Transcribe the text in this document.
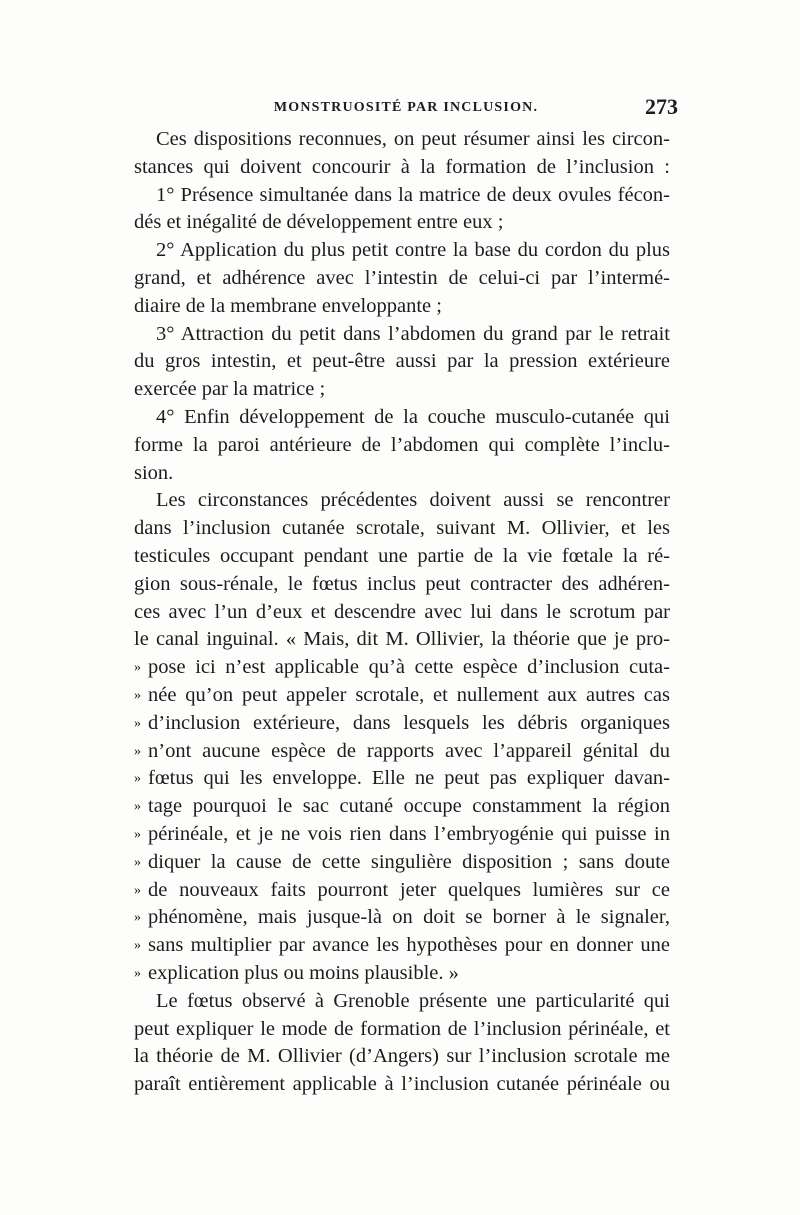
MONSTRUOSITÉ PAR INCLUSION.	273
Ces dispositions reconnues, on peut résumer ainsi les circon-
stances qui doivent concourir à la formation de l’inclusion :
1° Présence simultanée dans la matrice de deux ovules fécon-
dés et inégalité de développement entre eux ;
2° Application du plus petit contre la base du cordon du plus
grand, et adhérence avec l’intestin de celui-ci par l’intermé-
diaire de la membrane enveloppante ;
3° Attraction du petit dans l’abdomen du grand par le retrait
du gros intestin, et peut-être aussi par la pression extérieure
exercée par la matrice ;
4° Enfin développement de la couche musculo-cutanée qui
forme la paroi antérieure de l’abdomen qui complète l’inclu-
sion.
Les circonstances précédentes doivent aussi se rencontrer
dans l’inclusion cutanée scrotale, suivant M. Ollivier, et les
testicules occupant pendant une partie de la vie fœtale la ré-
gion sous-rénale, le fœtus inclus peut contracter des adhéren-
ces avec l’un d’eux et descendre avec lui dans le scrotum par
le canal inguinal. « Mais, dit M. Ollivier, la théorie que je pro-
» pose ici n’est applicable qu’à cette espèce d’inclusion cuta-
» née qu’on peut appeler scrotale, et nullement aux autres cas
» d’inclusion extérieure, dans lesquels les débris organiques
» n’ont aucune espèce de rapports avec l’appareil génital du
» fœtus qui les enveloppe. Elle ne peut pas expliquer davan-
» tage pourquoi le sac cutané occupe constamment la région
» périnéale, et je ne vois rien dans l’embryogénie qui puisse in
» diquer la cause de cette singulière disposition ; sans doute
» de nouveaux faits pourront jeter quelques lumières sur ce
» phénomène, mais jusque-là on doit se borner à le signaler,
» sans multiplier par avance les hypothèses pour en donner une
» explication plus ou moins plausible. »
Le fœtus observé à Grenoble présente une particularité qui
peut expliquer le mode de formation de l’inclusion périnéale, et
la théorie de M. Ollivier (d’Angers) sur l’inclusion scrotale me
paraît entièrement applicable à l’inclusion cutanée périnéale ou
